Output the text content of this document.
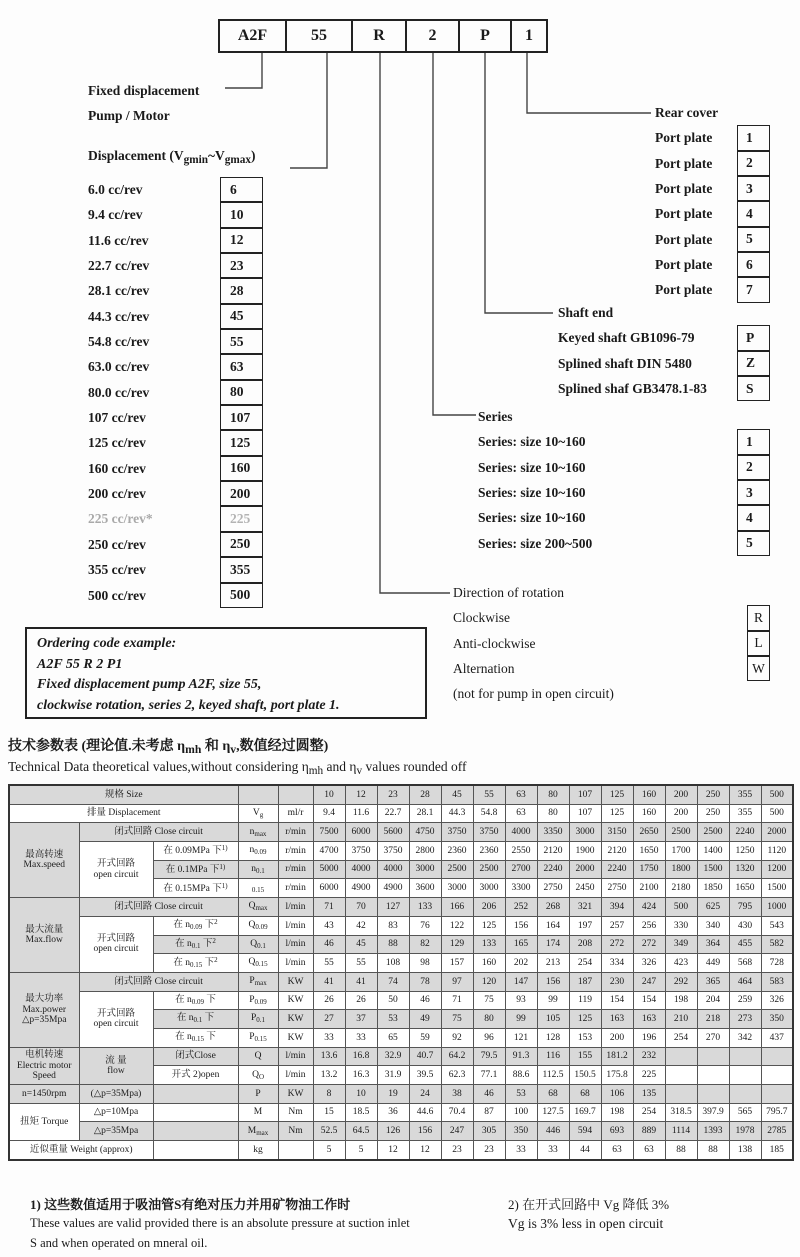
A2F	55	R	2	P	1
Fixed displacement
Pump / Motor
Displacement $(V_{gmin}\sim V_{gmax})$
6.0 cc/rev	6
9.4 cc/rev	10
11.6 cc/rev	12
22.7 cc/rev	23
28.1 cc/rev	28
44.3 cc/rev	45
54.8 cc/rev	55
63.0 cc/rev	63
80.0 cc/rev	80
107 cc/rev	107
125 cc/rev	125
160 cc/rev	160
200 cc/rev	200
225 cc/rev*	225
250 cc/rev	250
355 cc/rev	355
500 cc/rev	500
Rear cover
Port plate	1
Port plate	2
Port plate	3
Port plate	4
Port plate	5
Port plate	6
Port plate	7
Shaft end
Keyed shaft GB1096-79	P
Splined shaft DIN 5480	Z
Splined shaf GB3478.1-83	S
Series
Series: size 10~160	1
Series: size 10~160	2
Series: size 10~160	3
Series: size 10~160	4
Series: size 200~500	5
Direction of rotation
Clockwise	R
Anti-clockwise	L
Alternation	W
(not for pump in open circuit)
Ordering code example:
A2F 55 R 2 P1
Fixed displacement pump A2F, size 55,
clockwise rotation, series 2, keyed shaft, port plate 1.
技术参数表 (理论值.未考虑 $\eta_{mh}$ 和 $\eta_v$,数值经过圆整)
Technical Data theoretical values,without considering $\eta_{mh}$ and $\eta_v$ values rounded off
规格 Size					10	12	23	28	45	55	63	80	107	125	160	200	250	355	500
排量 Displacement			$V_g$	ml/r	9.4	11.6	22.7	28.1	44.3	54.8	63	80	107	125	160	200	250	355	500
最高转速
Max.speed	闭式回路 Close circuit		$n_{max}$	r/min	7500	6000	5600	4750	3750	3750	4000	3350	3000	3150	2650	2500	2500	2240	2000
	开式回路
open circuit	在 0.09MPa 下$^{1)}$	$n_{0.09}$	r/min	4700	3750	3750	2800	2360	2360	2550	2120	1900	2120	1650	1700	1400	1250	1120
		在 0.1MPa 下$^{1)}$	$n_{0.1}$	r/min	5000	4000	4000	3000	2500	2500	2700	2240	2000	2240	1750	1800	1500	1320	1200
		在 0.15MPa 下$^{1)}$	$_{0.15}$	r/min	6000	4900	4900	3600	3000	3000	3300	2750	2450	2750	2100	2180	1850	1650	1500
最大流量
Max.flow	闭式回路 Close circuit		$Q_{max}$	l/min	71	70	127	133	166	206	252	268	321	394	424	500	625	795	1000
	开式回路
open circuit	在 $n_{0.09}$ 下$^2$	$Q_{0.09}$	l/min	43	42	83	76	122	125	156	164	197	257	256	330	340	430	543
		在 $n_{0.1}$ 下$^2$	$Q_{0.1}$	l/min	46	45	88	82	129	133	165	174	208	272	272	349	364	455	582
		在 $n_{0.15}$ 下$^2$	$Q_{0.15}$	l/min	55	55	108	98	157	160	202	213	254	334	326	423	449	568	728
最大功率
Max.power
△p=35Mpa	闭式回路 Close circuit		$P_{max}$	KW	41	41	74	78	97	120	147	156	187	230	247	292	365	464	583
	开式回路
open circuit	在 $n_{0.09}$ 下	$P_{0.09}$	KW	26	26	50	46	71	75	93	99	119	154	154	198	204	259	326
		在 $n_{0.1}$ 下	$P_{0.1}$	KW	27	37	53	49	75	80	99	105	125	163	163	210	218	273	350
		在 $n_{0.15}$ 下	$P_{0.15}$	KW	33	33	65	59	92	96	121	128	153	200	196	254	270	342	437
电机转速
Electric motor
Speed	流 量
flow	闭式Close	Q	l/min	13.6	16.8	32.9	40.7	64.2	79.5	91.3	116	155	181.2	232				
		开式 2)open	$Q_O$	l/min	13.2	16.3	31.9	39.5	62.3	77.1	88.6	112.5	150.5	175.8	225				
n=1450rpm	(△p=35Mpa)		P	KW	8	10	19	24	38	46	53	68	68	106	135				
扭矩 Torque	△p=10Mpa		M	Nm	15	18.5	36	44.6	70.4	87	100	127.5	169.7	198	254	318.5	397.9	565	795.7
	△p=35Mpa		$M_{max}$	Nm	52.5	64.5	126	156	247	305	350	446	594	693	889	1114	1393	1978	2785
近似重量 Weight (approx)			kg		5	5	12	12	23	23	33	33	44	63	63	88	88	138	185
1) 这些数值适用于吸油管S有绝对压力并用矿物油工作时
These values are valid provided there is an absolute pressure at suction inlet
S and when operated on mneral oil.
2) 在开式回路中 Vg 降低 3%
Vg is 3% less in open circuit
